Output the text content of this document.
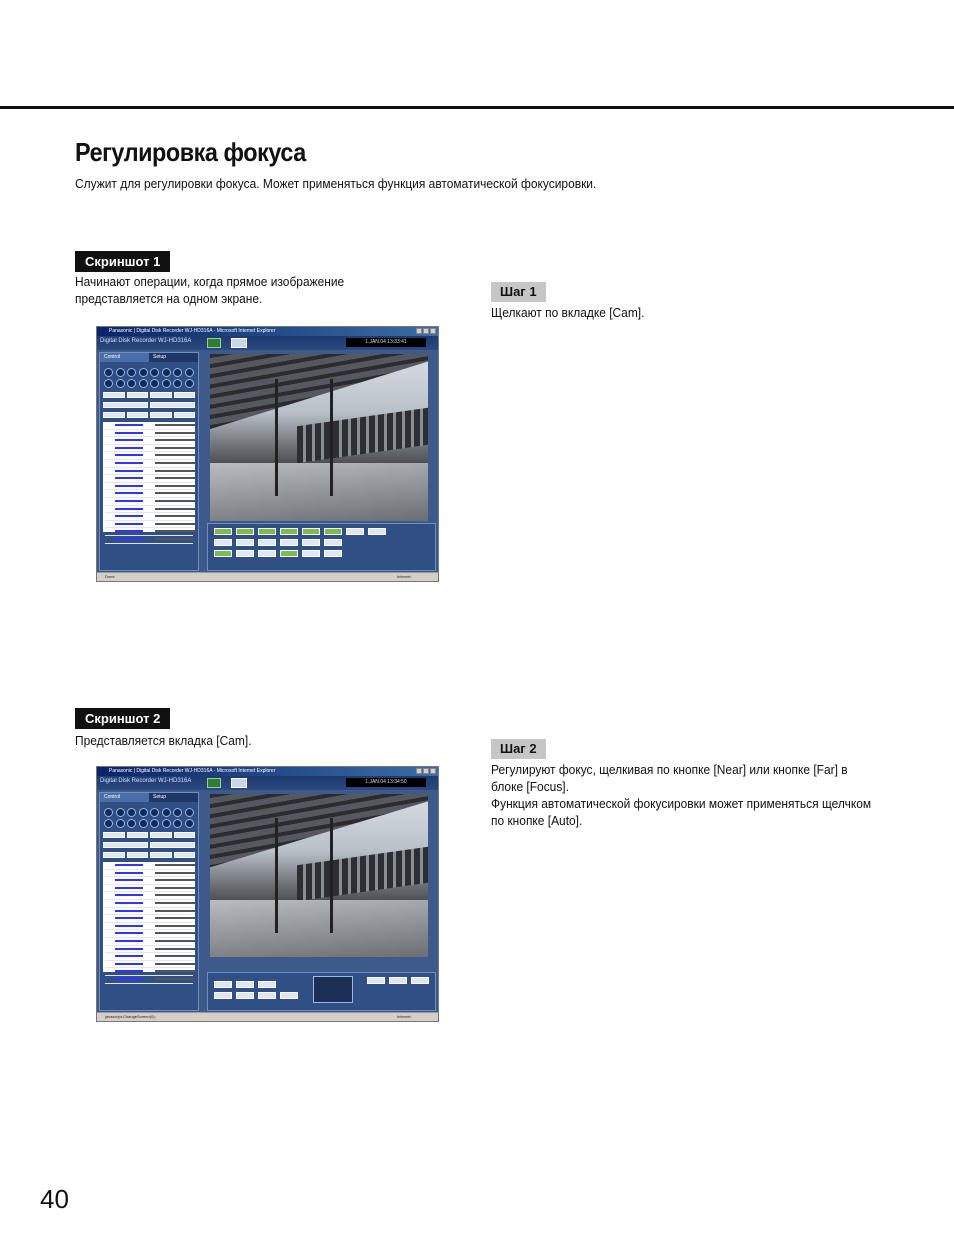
Регулировка фокуса
Служит для регулировки фокуса. Может применяться функция автоматической фокусировки.
Скриншот 1
Начинают операции, когда прямое изображение представляется на одном экране.
Panasonic | Digital Disk Recorder WJ-HD316A - Microsoft Internet Explorer
Digital Disk Recorder WJ-HD316A	1.JAN.04 13:33:41
Control	Setup
Done	Internet
Шаг 1
Щелкают по вкладке [Cam].
Скриншот 2
Представляется вкладка [Cam].
Panasonic | Digital Disk Recorder WJ-HD316A - Microsoft Internet Explorer
Digital Disk Recorder WJ-HD316A	1.JAN.04 13:34:50
Control	Setup
javascript:ChangeScreen(0);	Internet
Шаг 2
Регулируют фокус, щелкивая по кнопке [Near] или кнопке [Far] в блоке [Focus].
Функция автоматической фокусировки может применяться щелчком по кнопке [Auto].
40
